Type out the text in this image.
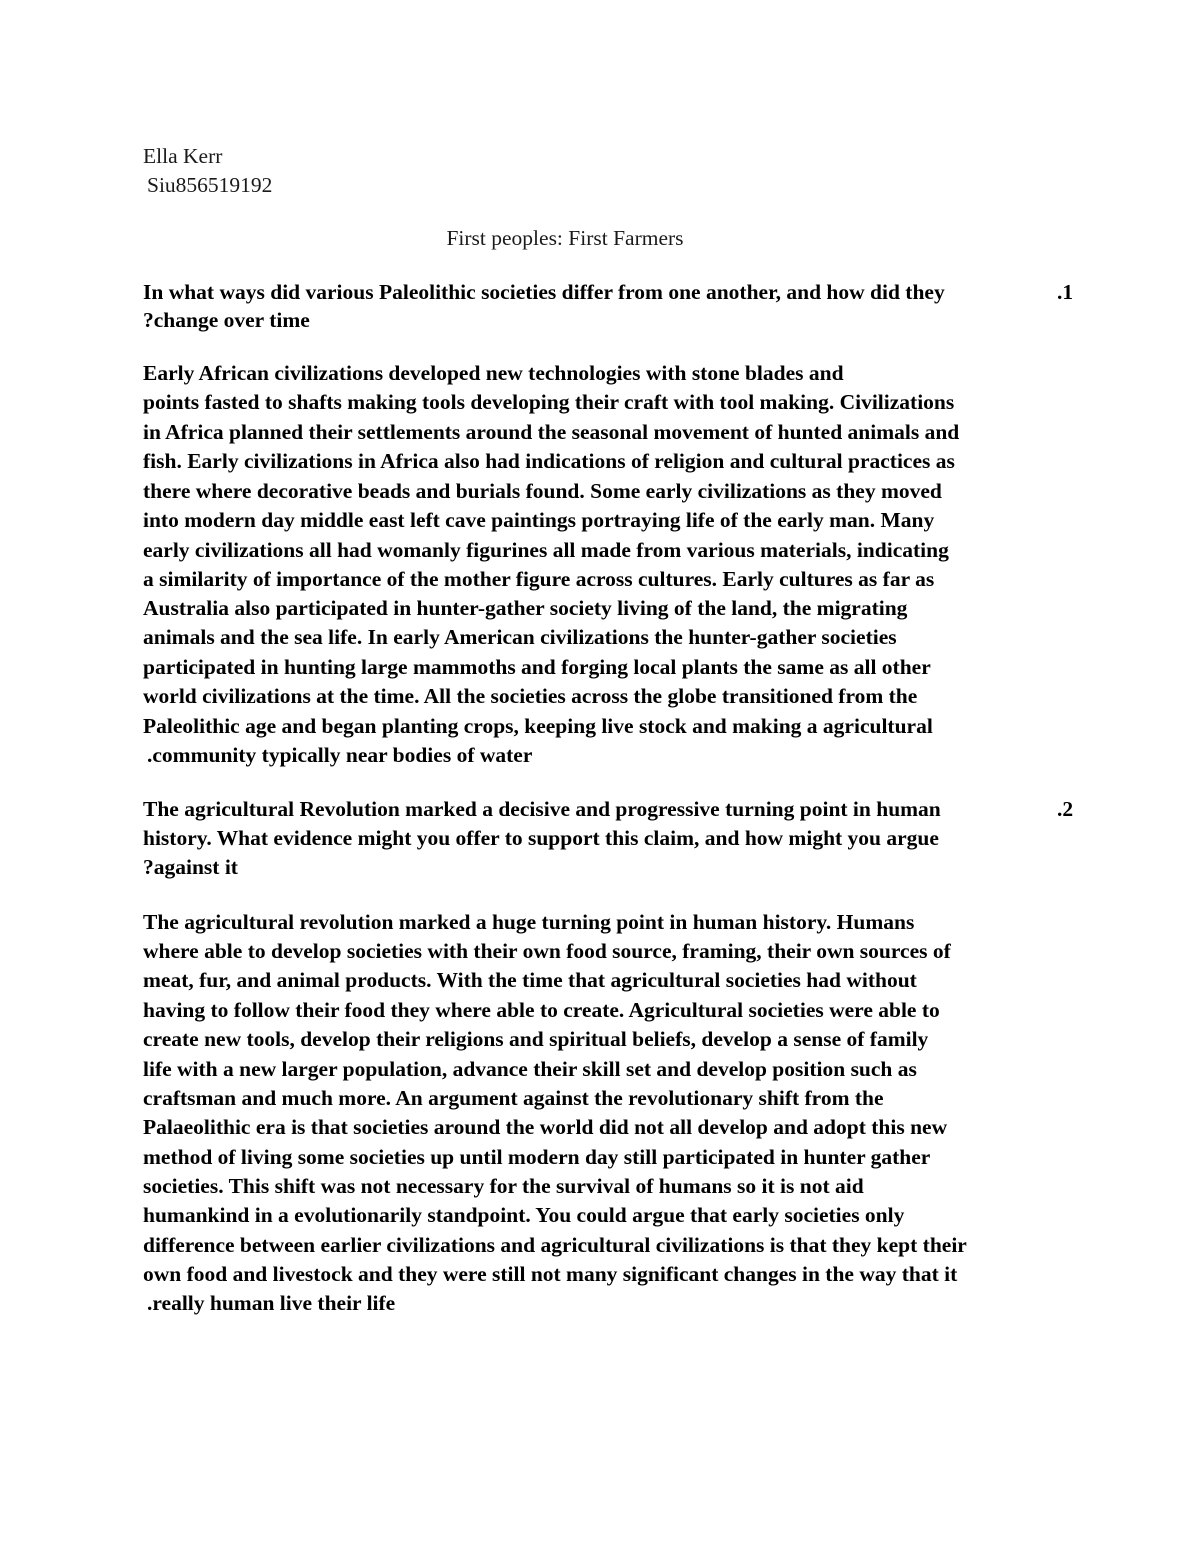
Ella Kerr
Siu856519192
First peoples: First Farmers
In what ways did various Paleolithic societies differ from one another, and how did they
?change over time
.1
Early African civilizations developed new technologies with stone blades and
points fasted to shafts making tools developing their craft with tool making. Civilizations
in Africa planned their settlements around the seasonal movement of hunted animals and
fish. Early civilizations in Africa also had indications of religion and cultural practices as
there where decorative beads and burials found. Some early civilizations as they moved
into modern day middle east left cave paintings portraying life of the early man. Many
early civilizations all had womanly figurines all made from various materials, indicating
a similarity of importance of the mother figure across cultures. Early cultures as far as
Australia also participated in hunter-gather society living of the land, the migrating
animals and the sea life. In early American civilizations the hunter-gather societies
participated in hunting large mammoths and forging local plants the same as all other
world civilizations at the time. All the societies across the globe transitioned from the
Paleolithic age and began planting crops, keeping live stock and making a agricultural
.community typically near bodies of water
The agricultural Revolution marked a decisive and progressive turning point in human
history. What evidence might you offer to support this claim, and how might you argue
?against it
.2
The agricultural revolution marked a huge turning point in human history. Humans
where able to develop societies with their own food source, framing, their own sources of
meat, fur, and animal products. With the time that agricultural societies had without
having to follow their food they where able to create. Agricultural societies were able to
create new tools, develop their religions and spiritual beliefs, develop a sense of family
life with a new larger population, advance their skill set and develop position such as
craftsman and much more. An argument against the revolutionary shift from the
Palaeolithic era is that societies around the world did not all develop and adopt this new
method of living some societies up until modern day still participated in hunter gather
societies. This shift was not necessary for the survival of humans so it is not aid
humankind in a evolutionarily standpoint. You could argue that early societies only
difference between earlier civilizations and agricultural civilizations is that they kept their
own food and livestock and they were still not many significant changes in the way that it
.really human live their life
